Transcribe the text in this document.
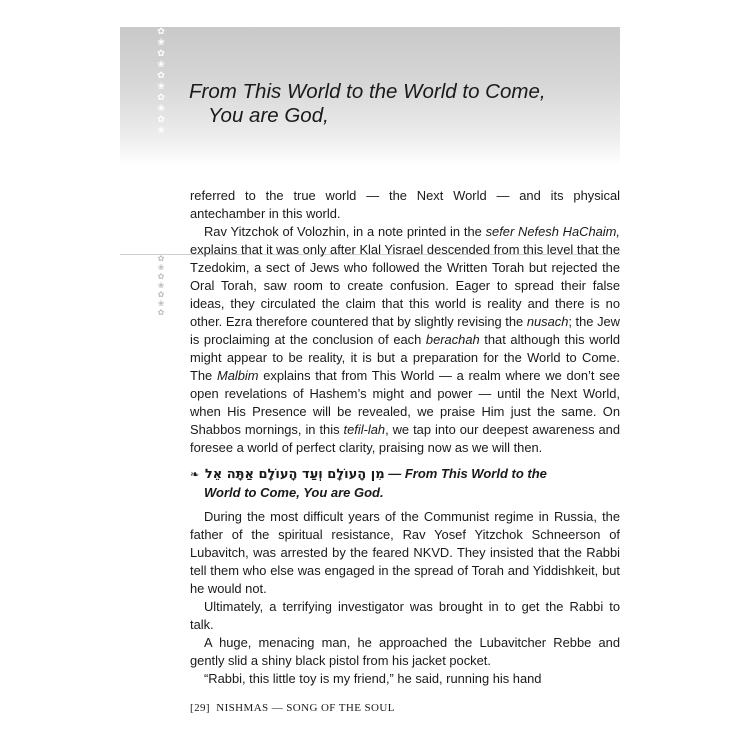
✿
❀
✿
❀
✿
❀
✿
❀
✿
❀
From This World to the World to Come,
You are God,
✿
❀
✿
❀
✿
❀
✿

referred to the true world — the Next World — and its physical antechamber in this world.

Rav Yitzchok of Volozhin, in a note printed in the sefer Nefesh HaChaim, explains that it was only after Klal Yisrael descended from this level that the Tzedokim, a sect of Jews who followed the Written Torah but rejected the Oral Torah, saw room to create confusion. Eager to spread their false ideas, they circulated the claim that this world is reality and there is no other. Ezra therefore countered that by slightly revising the nusach; the Jew is proclaiming at the conclusion of each berachah that although this world might appear to be reality, it is but a preparation for the World to Come. The Malbim explains that from This World — a realm where we don’t see open revelations of Hashem’s might and power — until the Next World, when His Presence will be revealed, we praise Him just the same. On Shabbos mornings, in this tefil-lah, we tap into our deepest awareness and foresee a world of perfect clarity, praising now as we will then.

❧ מִן הָעוֹלָם וְעַד הָעוֹלָם אַתָּה אֵל — From This World to the
World to Come, You are God.

During the most difficult years of the Communist regime in Russia, the father of the spiritual resistance, Rav Yosef Yitzchok Schneerson of Lubavitch, was arrested by the feared NKVD. They insisted that the Rabbi tell them who else was engaged in the spread of Torah and Yiddishkeit, but he would not.

Ultimately, a terrifying investigator was brought in to get the Rabbi to talk.

A huge, menacing man, he approached the Lubavitcher Rebbe and gently slid a shiny black pistol from his jacket pocket.

“Rabbi, this little toy is my friend,” he said, running his hand

[29] NISHMAS — SONG OF THE SOUL
